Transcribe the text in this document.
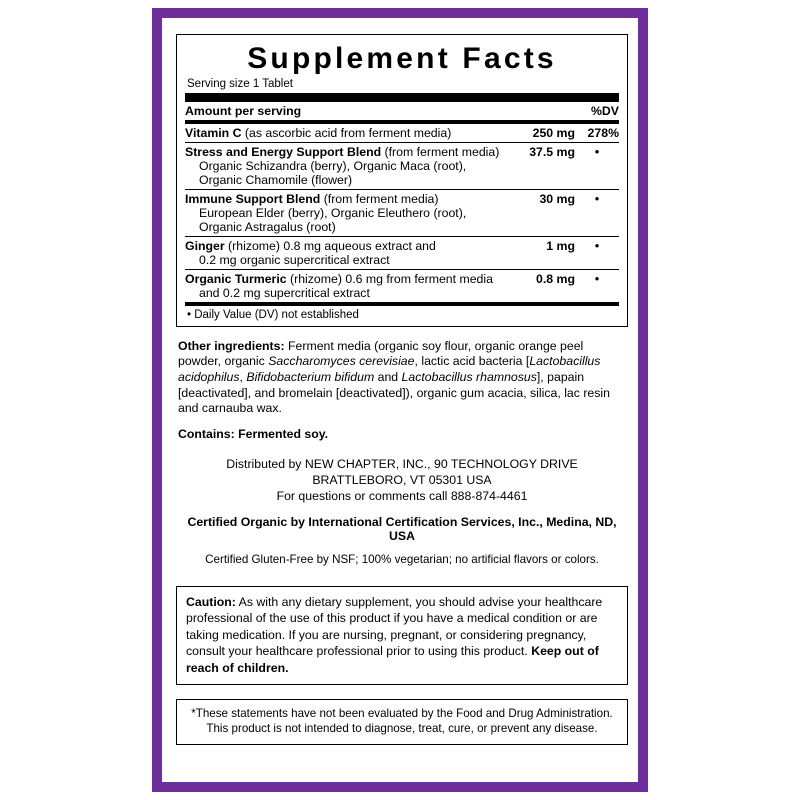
Supplement Facts
Serving size 1 Tablet
Amount per serving	%DV
Vitamin C (as ascorbic acid from ferment media)	250 mg	278%
Stress and Energy Support Blend (from ferment media)
Organic Schizandra (berry), Organic Maca (root), Organic Chamomile (flower)	37.5 mg	•
Immune Support Blend (from ferment media)
European Elder (berry), Organic Eleuthero (root), Organic Astragalus (root)	30 mg	•
Ginger (rhizome) 0.8 mg aqueous extract and
0.2 mg organic supercritical extract	1 mg	•
Organic Turmeric (rhizome) 0.6 mg from ferment media
and 0.2 mg supercritical extract	0.8 mg	•
• Daily Value (DV) not established

Other ingredients: Ferment media (organic soy flour, organic orange peel powder, organic Saccharomyces cerevisiae, lactic acid bacteria [Lactobacillus acidophilus, Bifidobacterium bifidum and Lactobacillus rhamnosus], papain [deactivated], and bromelain [deactivated]), organic gum acacia, silica, lac resin and carnauba wax.

Contains: Fermented soy.

Distributed by NEW CHAPTER, INC., 90 TECHNOLOGY DRIVE
BRATTLEBORO, VT 05301 USA
For questions or comments call 888-874-4461
Certified Organic by International Certification Services, Inc., Medina, ND, USA
Certified Gluten-Free by NSF; 100% vegetarian; no artificial flavors or colors.
Caution: As with any dietary supplement, you should advise your healthcare professional of the use of this product if you have a medical condition or are taking medication. If you are nursing, pregnant, or considering pregnancy, consult your healthcare professional prior to using this product. Keep out of reach of children.
*These statements have not been evaluated by the Food and Drug Administration.
This product is not intended to diagnose, treat, cure, or prevent any disease.
